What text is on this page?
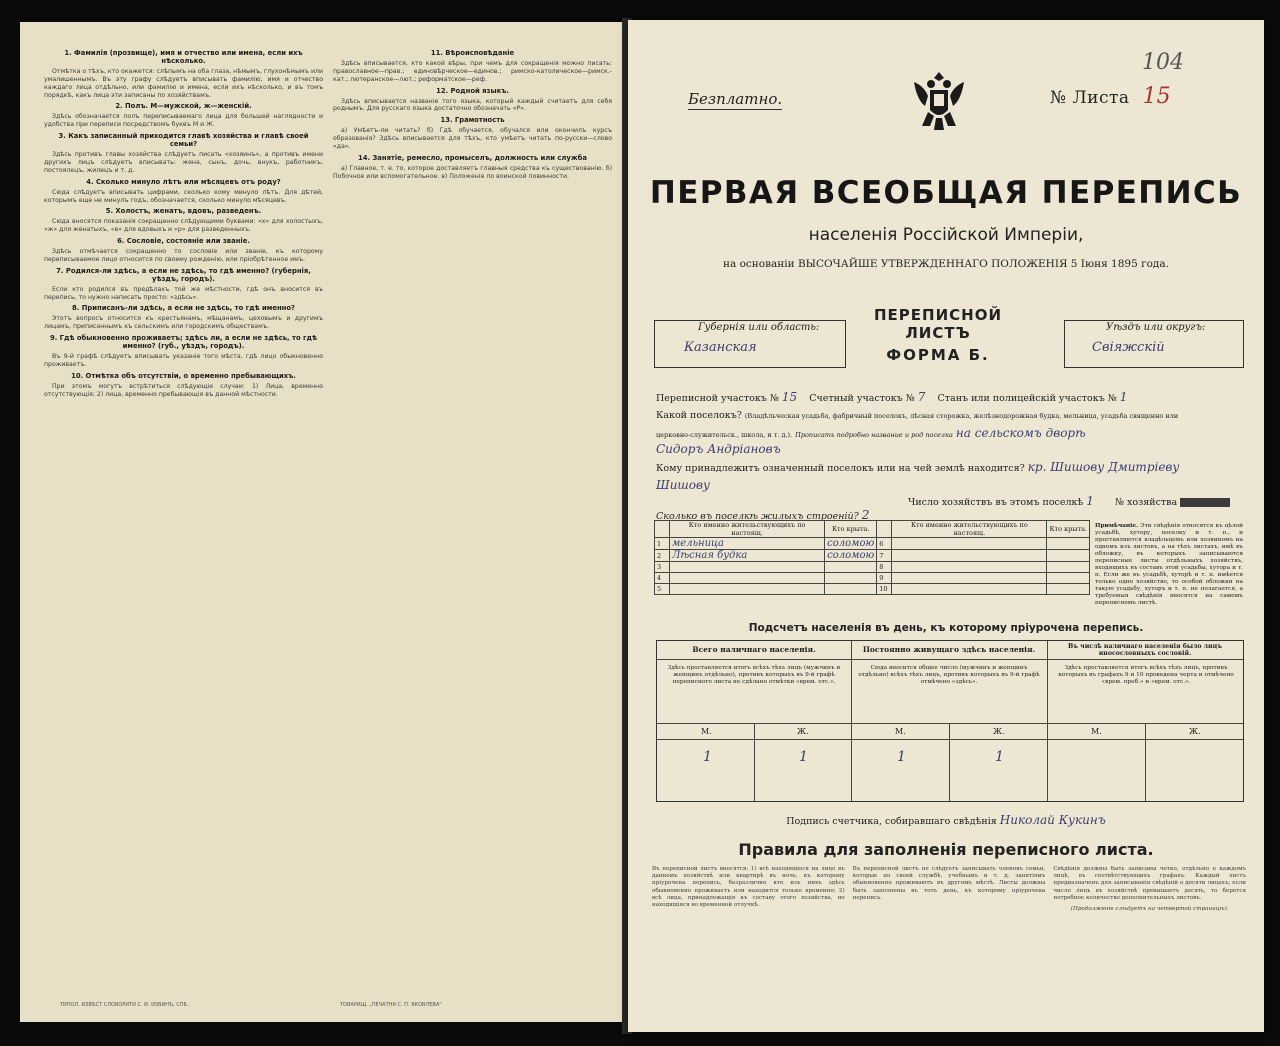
1. Фамилія (прозвище), имя и отчество или имена, если ихъ нѣсколько.

Отмѣтка о тѣхъ, кто окажется: слѣпымъ на оба глаза, нѣмымъ, глухонѣмымъ или умалишеннымъ. Въ эту графу слѣдуетъ вписывать фамилію, имя и отчество каждаго лица отдѣльно, или фамилію и имена, если ихъ нѣсколько, и въ томъ порядкѣ, какъ лица эти записаны по хозяйствамъ.

2. Полъ. М—мужской, ж—женскій.

Здѣсь обозначается полъ переписываемаго лица для большей наглядности и удобства при переписи посредствомъ буквъ М и Ж.

3. Какъ записанный приходится главѣ хозяйства и главѣ своей семьи?

Здѣсь противъ главы хозяйства слѣдуетъ писать «хозяинъ», а противъ имени другихъ лицъ слѣдуетъ вписывать: жена, сынъ, дочь, внукъ, работникъ, постоялецъ, жилецъ и т. д.

4. Сколько минуло лѣтъ или мѣсяцевъ отъ роду?

Сюда слѣдуетъ вписывать цифрами, сколько кому минуло лѣтъ. Для дѣтей, которымъ еще не минулъ годъ, обозначается, сколько минуло мѣсяцевъ.

5. Холостъ, женатъ, вдовъ, разведенъ.

Сюда вносятся показанія сокращенно слѣдующими буквами: «х» для холостыхъ, «ж» для женатыхъ, «в» для вдовыхъ и «р» для разведенныхъ.

6. Сословіе, состояніе или званіе.

Здѣсь отмѣчается сокращенно то сословіе или званіе, къ которому переписываемое лицо относится по своему рожденію, или пріобрѣтенное имъ.

7. Родился-ли здѣсь, а если не здѣсь, то гдѣ именно? (губернія, уѣздъ, городъ).

Если кто родился въ предѣлахъ той же мѣстности, гдѣ онъ вносится въ перепись, то нужно написать просто: «здѣсь».

8. Приписанъ-ли здѣсь, а если не здѣсь, то гдѣ именно?

Этотъ вопросъ относится къ крестьянамъ, мѣщанамъ, цеховымъ и другимъ лицамъ, приписаннымъ къ сельскимъ или городскимъ обществамъ.

9. Гдѣ обыкновенно проживаетъ; здѣсь ли, а если не здѣсь, то гдѣ именно? (губ., уѣздъ, городъ).

Въ 9-й графѣ слѣдуетъ вписывать указаніе того мѣста, гдѣ лицо обыкновенно проживаетъ.

10. Отмѣтка объ отсутствіи, о временно пребывающихъ.

При этомъ могутъ встрѣтиться слѣдующіе случаи: 1) Лица, временно отсутствующія; 2) лица, временно пребывающія въ данной мѣстности.

11. Вѣроисповѣданіе

Здѣсь вписывается, кто какой вѣры, при чемъ для сокращенія можно писать: православное—прав.; единовѣрческое—единов.; римско-католическое—римск.-кат.; лютеранское—лют.; реформатское—реф.

12. Родной языкъ.

Здѣсь вписывается названіе того языка, который каждый считаетъ для себя роднымъ. Для русскаго языка достаточно обозначать «Р».

13. Грамотность

а) Умѣетъ-ли читать? б) Гдѣ обучается, обучался или окончилъ курсъ образованія? Здѣсь вписывается для тѣхъ, кто умѣетъ читать по-русски—слово «да».

14. Занятіе, ремесло, промыселъ, должность или служба

а) Главное, т. е. то, которое доставляетъ главныя средства къ существованію. б) Побочное или вспомогательное. в) Положеніе по воинской повинности.

ТИПОЛ. ИЗВѢСТ СЛОВОРИТИ С. И. ИЗВИНЪ, СПБ.	ТОВАРИЩ. „ПЕЧАТНЯ С. П. ЯКОВЛЕВА“
Безплатно.	№ Листа 15
104
ПЕРВАЯ ВСЕОБЩАЯ ПЕРЕПИСЬ
населенія Россійской Имперіи,
на основаніи ВЫСОЧАЙШЕ УТВЕРЖДЕННАГО ПОЛОЖЕНІЯ 5 Іюня 1895 года.
Губернія или область:
Казанская
Уѣздъ или округъ:
Свіяжскій
ПЕРЕПИСНОЙ ЛИСТЪ
ФОРМА Б.
Переписной участокъ № 15 Счетный участокъ № 7 Станъ или полицейскій участокъ № 1
Какой поселокъ? (Владѣльческая усадьба, фабричный поселокъ, лѣсная сторожка, желѣзнодорожная будка, мельница, усадьба священно или
церковно-служительск., школа, и т. д.). Прописать подробно название и род поселка на сельскомъ дворѣ
Сидоръ Андріановъ
Кому принадлежитъ означенный поселокъ или на чей землѣ находится? кр. Шишову Дмитріеву
Шишову
Число хозяйствъ въ этомъ поселкѣ 1 № хозяйства
Сколько въ поселкѣ жилыхъ строеній? 2
	Кто именно жительствующихъ по настоящ.	Кто крыта.		Кто именно жительствующихъ по настоящ.	Кто крыта.
1	мельница	соломою	6		
2	Лѣсная будка	соломою	7		
3			8		
4			9		
5			10		
Примѣчаніе. Эти свѣдѣнія относятся къ цѣлой усадьбѣ, хутору, поселку и т. п., и проставляются владѣльцемъ или хозяиномъ на одномъ изъ листовъ, а на тѣхъ листахъ, имѣ въ обложку, въ которыхъ записываются переписные листы отдѣльныхъ хозяйствъ, входящихъ въ составъ этой усадьбы, хутора и т. п. Если же въ усадьбѣ, хуторѣ и т. п. имѣется только одно хозяйство, то особой обложки на такую усадьбу, хуторъ и т. п. не полагается, а требуемыя свѣдѣнія вносятся на самомъ переписномъ листѣ.
Подсчетъ населенія въ день, къ которому пріурочена перепись.
Всего наличнаго населенія.	Постоянно живущаго здѣсь населенія.	Въ числѣ наличнаго населенія было лицъ иносословныхъ сословій.
Здѣсь проставляется итогъ всѣхъ тѣхъ лицъ (мужчинъ и женщинъ отдѣльно), противъ которыхъ въ 9-й графѣ переписного листа не сдѣлано отмѣтки «врем. отс.».
Сюда вносится общее число (мужчинъ и женщинъ отдѣльно) всѣхъ тѣхъ лицъ, противъ которыхъ въ 9-й графѣ отмѣчено «здѣсь».
Здѣсь проставляется итогъ всѣхъ тѣхъ лицъ, противъ которыхъ въ графахъ 9 и 10 проведена черта и отмѣчено «врем. преб.» и «врем. отс.».
М.	Ж.	М.	Ж.	М.	Ж.
1	1	1	1
Подпись счетчика, собиравшаго свѣдѣнія Николай Кукинъ
Правила для заполненія переписного листа.
Въ переписной листъ вносятся: 1) всѣ находящіеся на лицо въ данномъ хозяйствѣ или квартирѣ въ ночь, къ которому пріурочена перепись, безразлично кто изъ нихъ здѣсь обыкновенно проживаетъ или находится только временно; 2) всѣ лица, принадлежащія къ составу этого хозяйства, но находящіяся во временной отлучкѣ.
Въ переписной листъ не слѣдуетъ записывать членовъ семьи, которые по своей службѣ, учебнымъ и т. д. занятіямъ обыкновенно проживаютъ въ другомъ мѣстѣ. Листы должны быть заполнены въ тотъ день, къ которому пріурочена перепись.
Свѣдѣнія должны быть записаны четко, отдѣльно о каждомъ лицѣ, въ соотвѣтствующихъ графахъ. Каждый листъ предназначенъ для записыванія свѣдѣній о десяти лицахъ; если число лицъ въ хозяйствѣ превышаетъ десять, то берется потребное количество дополнительныхъ листовъ.
(Продолженіе слѣдуетъ на четвертой страницѣ).
